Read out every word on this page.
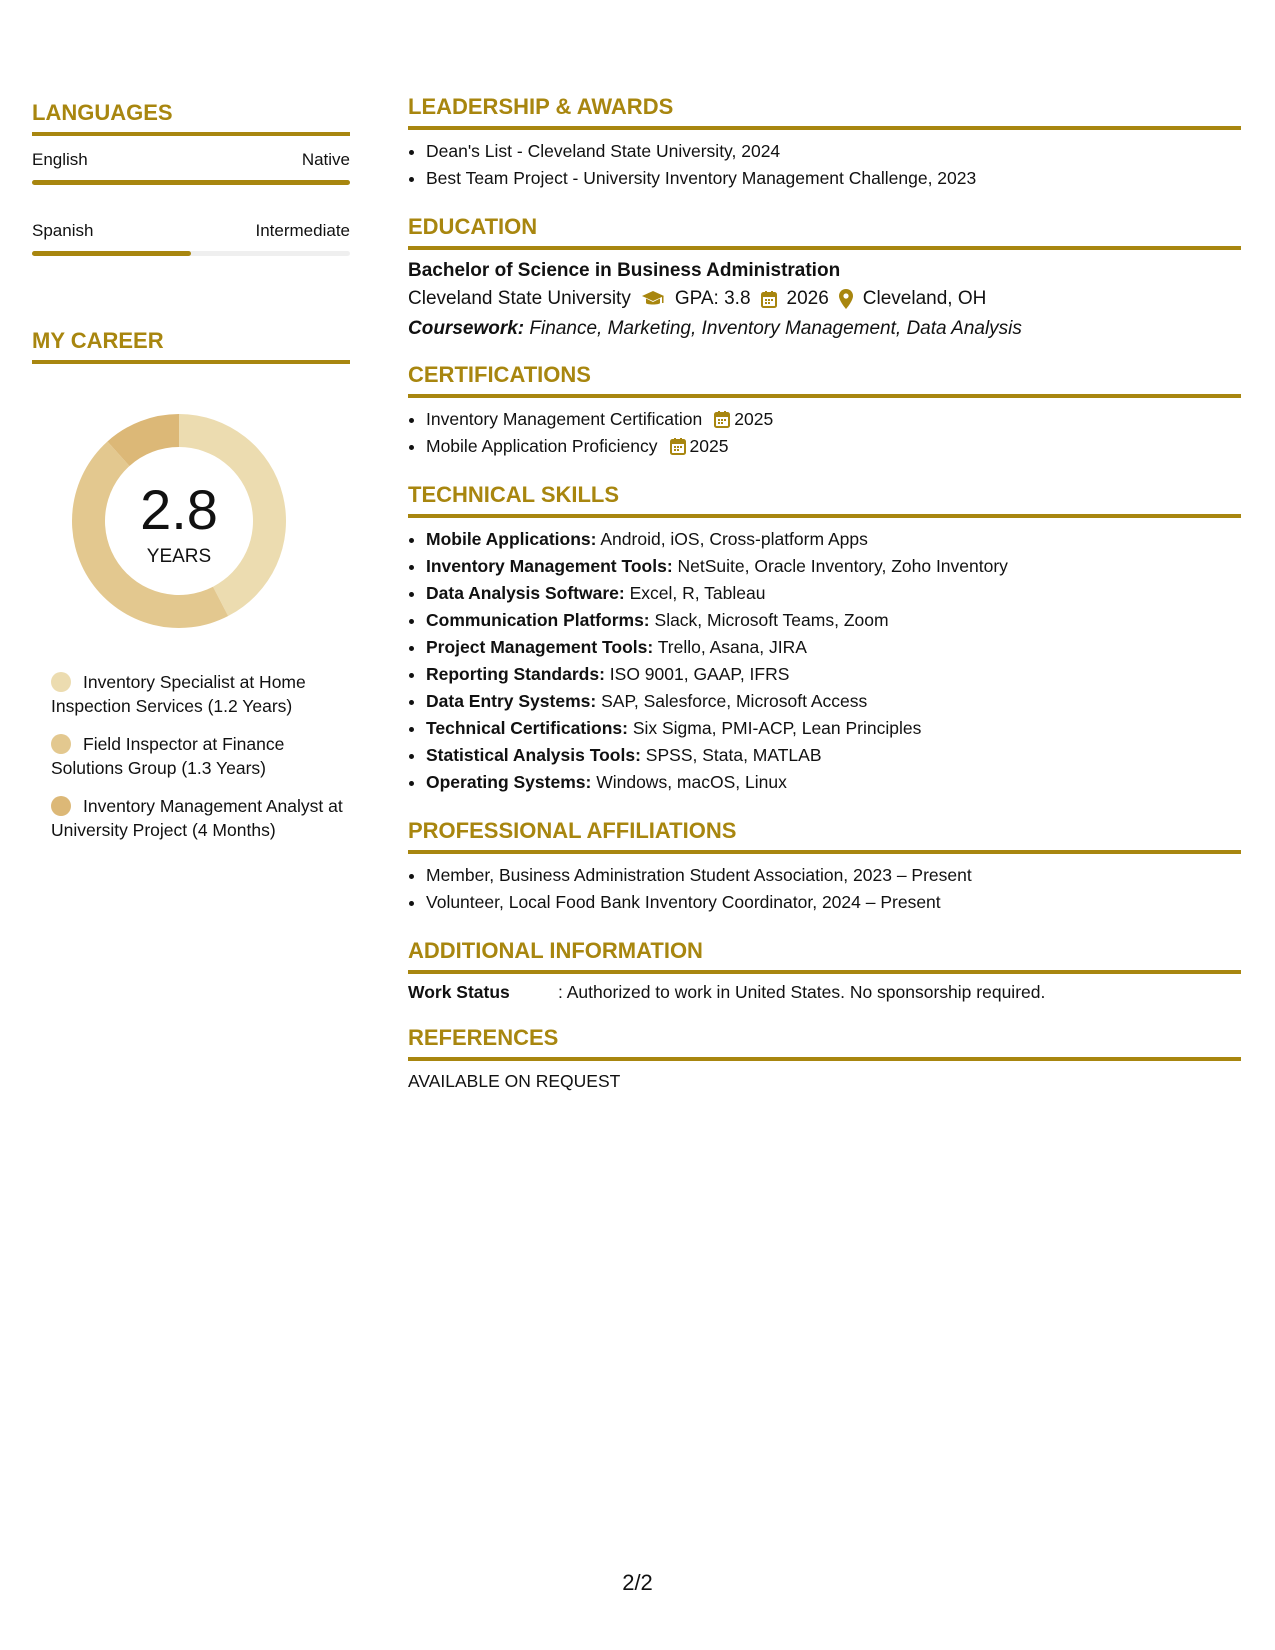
LANGUAGES
English	Native
Spanish	Intermediate
MY CAREER
2.8
YEARS
Inventory Specialist at Home Inspection Services (1.2 Years)
Field Inspector at Finance Solutions Group (1.3 Years)
Inventory Management Analyst at University Project (4 Months)
LEADERSHIP & AWARDS
• Dean's List - Cleveland State University, 2024
• Best Team Project - University Inventory Management Challenge, 2023
EDUCATION
Bachelor of Science in Business Administration
Cleveland State University GPA: 3.8 2026 Cleveland, OH
Coursework: Finance, Marketing, Inventory Management, Data Analysis
CERTIFICATIONS
• Inventory Management Certification 2025
• Mobile Application Proficiency 2025
TECHNICAL SKILLS
• Mobile Applications: Android, iOS, Cross-platform Apps
• Inventory Management Tools: NetSuite, Oracle Inventory, Zoho Inventory
• Data Analysis Software: Excel, R, Tableau
• Communication Platforms: Slack, Microsoft Teams, Zoom
• Project Management Tools: Trello, Asana, JIRA
• Reporting Standards: ISO 9001, GAAP, IFRS
• Data Entry Systems: SAP, Salesforce, Microsoft Access
• Technical Certifications: Six Sigma, PMI-ACP, Lean Principles
• Statistical Analysis Tools: SPSS, Stata, MATLAB
• Operating Systems: Windows, macOS, Linux
PROFESSIONAL AFFILIATIONS
• Member, Business Administration Student Association, 2023 – Present
• Volunteer, Local Food Bank Inventory Coordinator, 2024 – Present
ADDITIONAL INFORMATION
Work Status	: Authorized to work in United States. No sponsorship required.
REFERENCES
AVAILABLE ON REQUEST
2/2
